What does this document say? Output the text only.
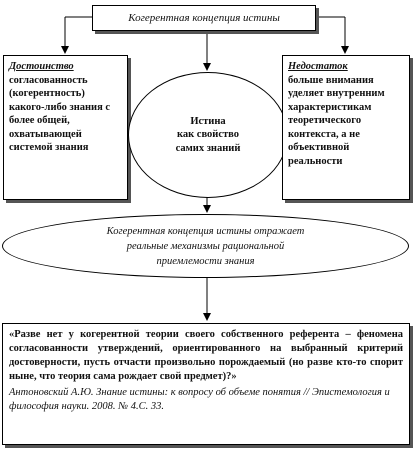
Когерентная концепция истины
Достоинство
согласованность (когерентность) какого-либо знания с более общей, охватывающей системой знания
Истина
как свойство
самих знаний
Недостаток
больше внимания уделяет внутренним характеристикам теоретического контекста, а не объективной реальности
Когерентная концепция истины отражает
реальные механизмы рациональной
приемлемости знания
«Разве нет у когерентной теории своего собственного референта – феномена согласованности утверждений, ориентированного на выбранный критерий достоверности, пусть отчасти произвольно порождаемый (но разве кто-то спорит ныне, что теория сама рождает свой предмет)?»
Антоновский А.Ю. Знание истины: к вопросу об объеме понятия // Эпистемология и философия науки. 2008. № 4.С. 33.
